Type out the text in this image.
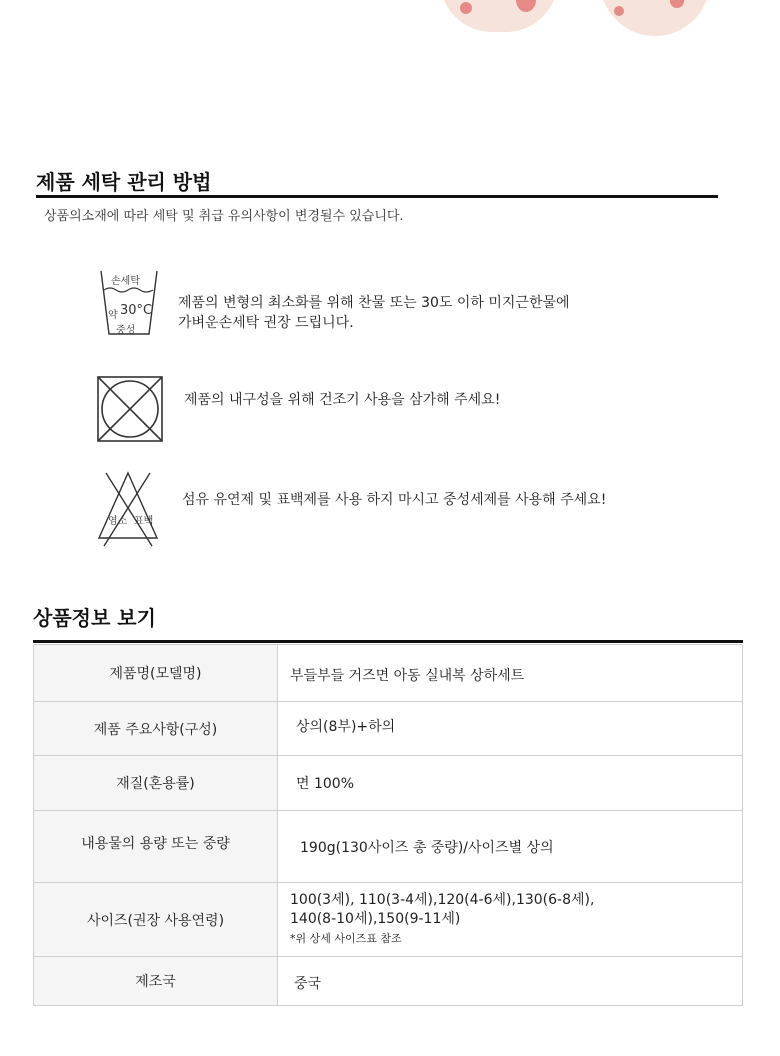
제품 세탁 관리 방법
상품의소재에 따라 세탁 및 취급 유의사항이 변경될수 있습니다.
손세탁
약 30°C
중성
제품의 변형의 최소화를 위해 찬물 또는 30도 이하 미지근한물에
가벼운손세탁 권장 드립니다.
제품의 내구성을 위해 건조기 사용을 삼가해 주세요!
염소 표백
섬유 유연제 및 표백제를 사용 하지 마시고 중성세제를 사용해 주세요!
상품정보 보기
제품명(모델명)	부들부들 거즈면 아동 실내복 상하세트
제품 주요사항(구성)	상의(8부)+하의
재질(혼용률)	면 100%
내용물의 용량 또는 중량	190g(130사이즈 총 중량)/사이즈별 상의
사이즈(권장 사용연령)	100(3세), 110(3-4세),120(4-6세),130(6-8세),
140(8-10세),150(9-11세)
*위 상세 사이즈표 참조

제조국	중국
